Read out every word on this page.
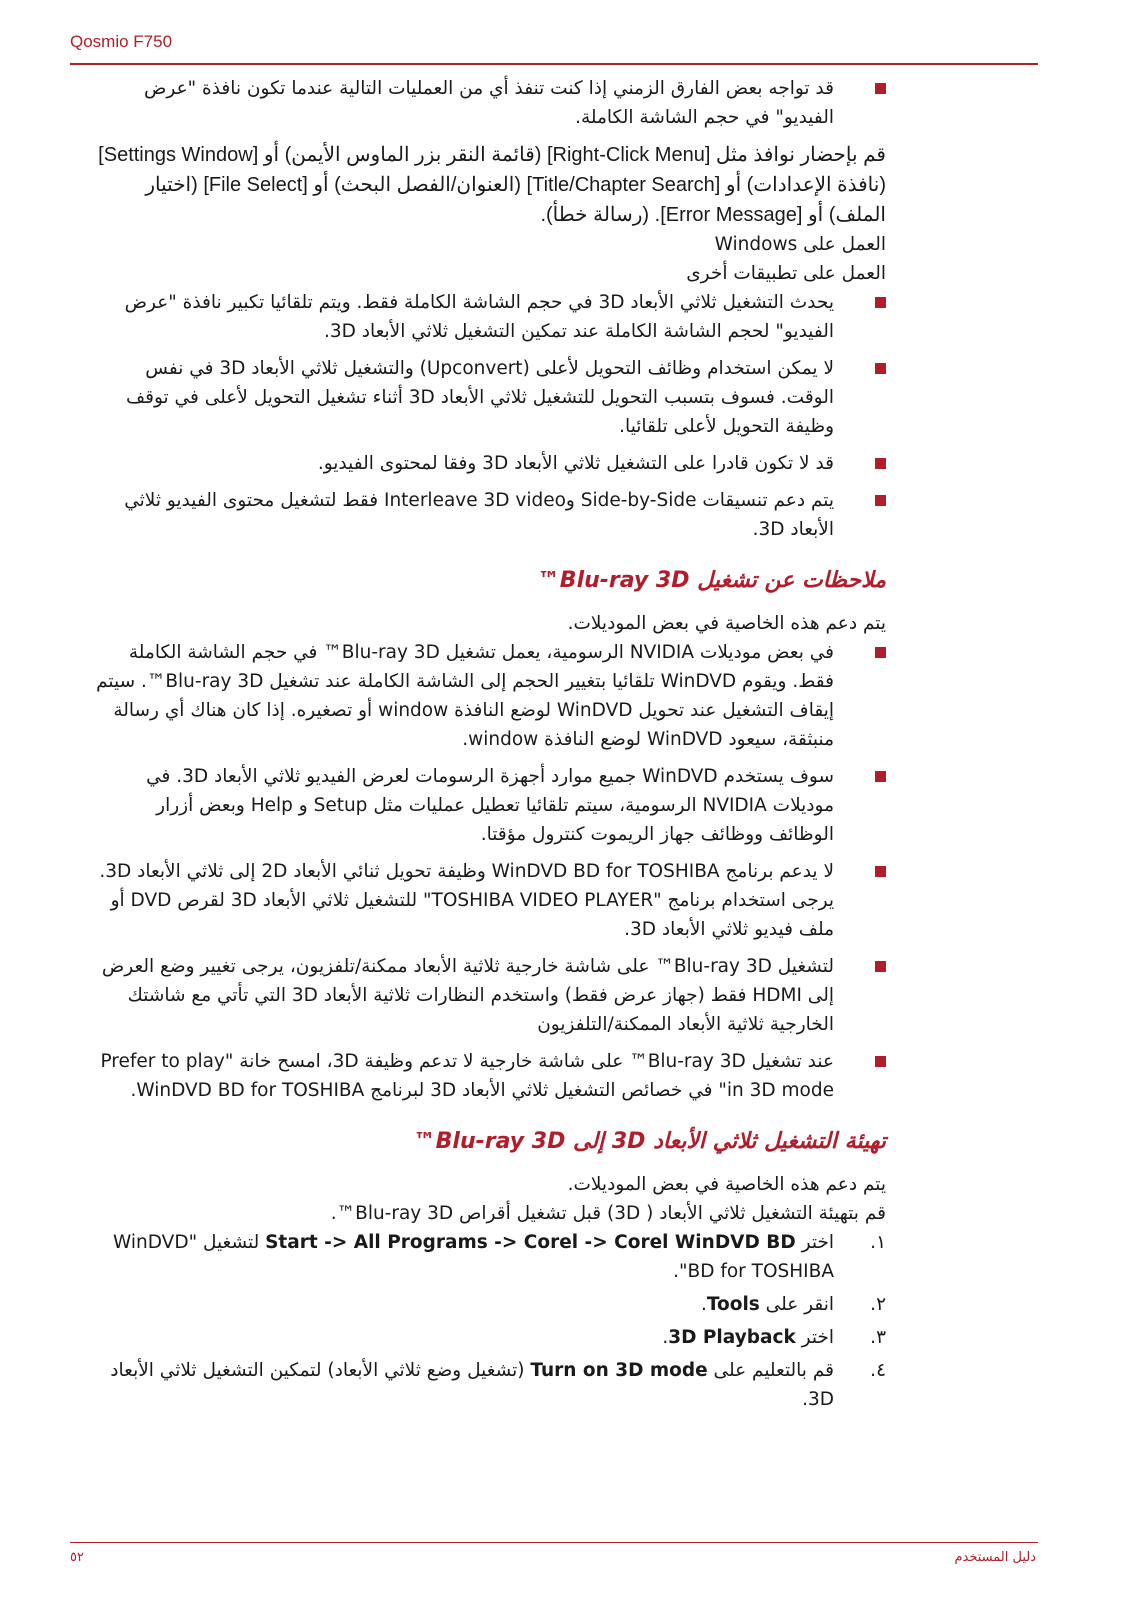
Qosmio F750

قد تواجه بعض الفارق الزمني إذا كنت تنفذ أي من العمليات التالية عندما تكون نافذة "عرض الفيديو" في حجم الشاشة الكاملة.

قم بإحضار نوافذ مثل [Right-Click Menu] (قائمة النقر بزر الماوس الأيمن) أو [Settings Window] (نافذة الإعدادات) أو [Title/Chapter Search] (العنوان/الفصل البحث) أو [File Select] (اختيار الملف) أو [Error Message]. (رسالة خطأ).

العمل على Windows

العمل على تطبيقات أخرى

يحدث التشغيل ثلاثي الأبعاد 3D في حجم الشاشة الكاملة فقط. ويتم تلقائيا تكبير نافذة "عرض الفيديو" لحجم الشاشة الكاملة عند تمكين التشغيل ثلاثي الأبعاد 3D.

لا يمكن استخدام وظائف التحويل لأعلى (Upconvert) والتشغيل ثلاثي الأبعاد 3D في نفس الوقت. فسوف بتسبب التحويل للتشغيل ثلاثي الأبعاد 3D أثناء تشغيل التحويل لأعلى في توقف وظيفة التحويل لأعلى تلقائيا.

قد لا تكون قادرا على التشغيل ثلاثي الأبعاد 3D وفقا لمحتوى الفيديو.

يتم دعم تنسيقات Side-by-Side وInterleave 3D video فقط لتشغيل محتوى الفيديو ثلاثي الأبعاد 3D.

ملاحظات عن تشغيل Blu-ray 3D™

يتم دعم هذه الخاصية في بعض الموديلات.

في بعض موديلات NVIDIA الرسومية، يعمل تشغيل Blu-ray 3D™ في حجم الشاشة الكاملة فقط. ويقوم WinDVD تلقائيا بتغيير الحجم إلى الشاشة الكاملة عند تشغيل Blu-ray 3D™. سيتم إيقاف التشغيل عند تحويل WinDVD لوضع النافذة window أو تصغيره. إذا كان هناك أي رسالة منبثقة، سيعود WinDVD لوضع النافذة window.

سوف يستخدم WinDVD جميع موارد أجهزة الرسومات لعرض الفيديو ثلاثي الأبعاد 3D. في موديلات NVIDIA الرسومية، سيتم تلقائيا تعطيل عمليات مثل Setup و Help وبعض أزرار الوظائف ووظائف جهاز الريموت كنترول مؤقتا.

لا يدعم برنامج WinDVD BD for TOSHIBA وظيفة تحويل ثنائي الأبعاد 2D إلى ثلاثي الأبعاد 3D. يرجى استخدام برنامج "TOSHIBA VIDEO PLAYER" للتشغيل ثلاثي الأبعاد 3D لقرص DVD أو ملف فيديو ثلاثي الأبعاد 3D.

لتشغيل Blu-ray 3D™ على شاشة خارجية ثلاثية الأبعاد ممكنة/تلفزيون، يرجى تغيير وضع العرض إلى HDMI فقط (جهاز عرض فقط) واستخدم النظارات ثلاثية الأبعاد 3D التي تأتي مع شاشتك الخارجية ثلاثية الأبعاد الممكنة/التلفزيون

عند تشغيل Blu-ray 3D™ على شاشة خارجية لا تدعم وظيفة 3D، امسح خانة "Prefer to play in 3D mode" في خصائص التشغيل ثلاثي الأبعاد 3D لبرنامج WinDVD BD for TOSHIBA.

تهيئة التشغيل ثلاثي الأبعاد 3D إلى Blu-ray 3D™

يتم دعم هذه الخاصية في بعض الموديلات.

قم بتهيئة التشغيل ثلاثي الأبعاد ( 3D) قبل تشغيل أقراص Blu-ray 3D™.

١.
اختر Start -> All Programs -> Corel -> Corel WinDVD BD لتشغيل "WinDVD BD for TOSHIBA".
٢.
انقر على Tools.
٣.
اختر 3D Playback.
٤.
قم بالتعليم على Turn on 3D mode (تشغيل وضع ثلاثي الأبعاد) لتمكين التشغيل ثلاثي الأبعاد 3D.
٥٢	دليل المستخدم
